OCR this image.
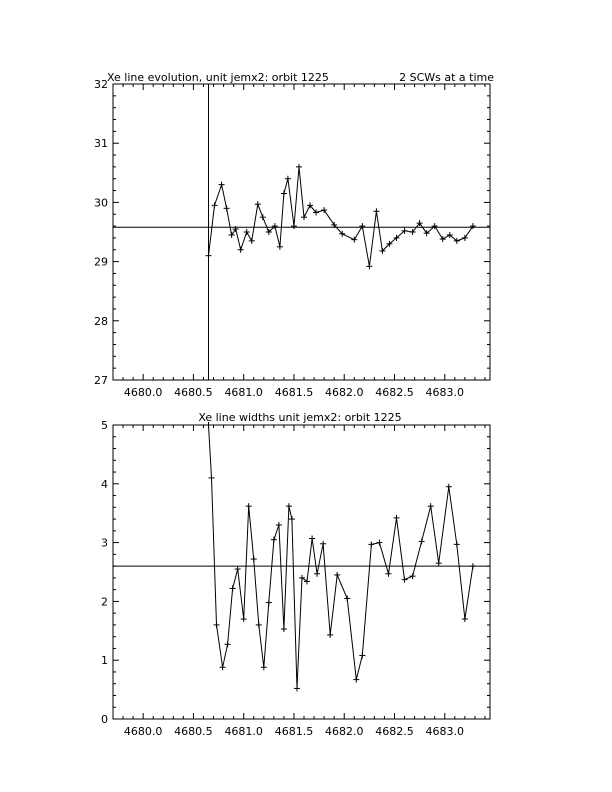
Xe line evolution, unit jemx2: orbit 1225	2 SCWs at a time
4680.0 4680.5 4681.0 4681.5 4682.0 4682.5 4683.0
27
28
29
30
31
32
Xe line widths unit jemx2: orbit 1225
4680.0 4680.5 4681.0 4681.5 4682.0 4682.5 4683.0
0
1
2
3
4
5
